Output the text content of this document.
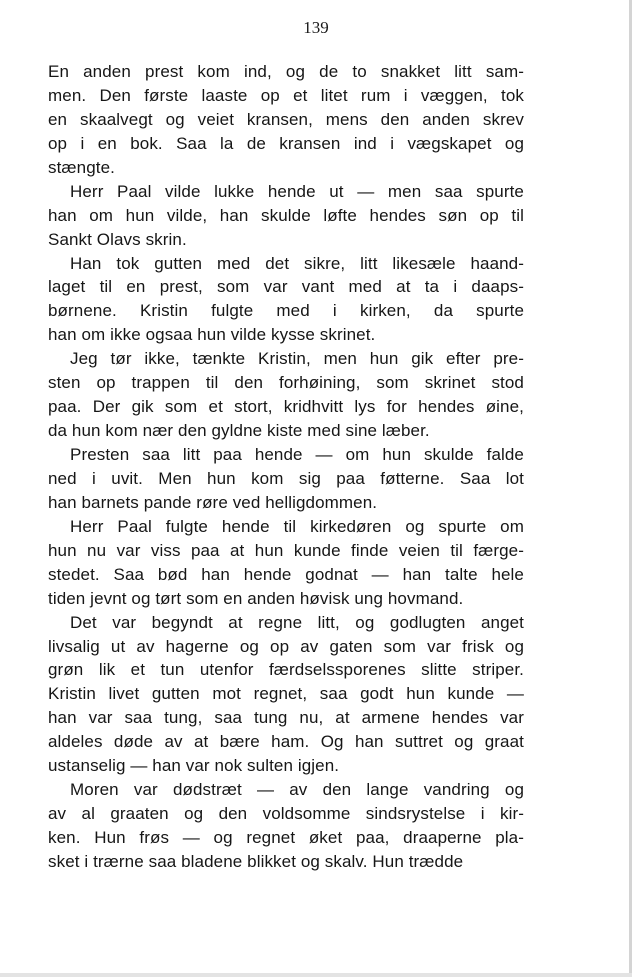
139

En anden prest kom ind, og de to snakket litt sam-
men. Den første laaste op et litet rum i væggen, tok
en skaalvegt og veiet kransen, mens den anden skrev
op i en bok. Saa la de kransen ind i vægskapet og
stængte.

Herr Paal vilde lukke hende ut — men saa spurte
han om hun vilde, han skulde løfte hendes søn op til
Sankt Olavs skrin.

Han tok gutten med det sikre, litt likesæle haand-
laget til en prest, som var vant med at ta i daaps-
børnene. Kristin fulgte med i kirken, da spurte
han om ikke ogsaa hun vilde kysse skrinet.

Jeg tør ikke, tænkte Kristin, men hun gik efter pre-
sten op trappen til den forhøining, som skrinet stod
paa. Der gik som et stort, kridhvitt lys for hendes øine,
da hun kom nær den gyldne kiste med sine læber.

Presten saa litt paa hende — om hun skulde falde
ned i uvit. Men hun kom sig paa føtterne. Saa lot
han barnets pande røre ved helligdommen.

Herr Paal fulgte hende til kirkedøren og spurte om
hun nu var viss paa at hun kunde finde veien til færge-
stedet. Saa bød han hende godnat — han talte hele
tiden jevnt og tørt som en anden høvisk ung hovmand.

Det var begyndt at regne litt, og godlugten anget
livsalig ut av hagerne og op av gaten som var frisk og
grøn lik et tun utenfor færdselssporenes slitte striper.
Kristin livet gutten mot regnet, saa godt hun kunde —
han var saa tung, saa tung nu, at armene hendes var
aldeles døde av at bære ham. Og han suttret og graat
ustanselig — han var nok sulten igjen.

Moren var dødstræt — av den lange vandring og
av al graaten og den voldsomme sindsrystelse i kir-
ken. Hun frøs — og regnet øket paa, draaperne pla-
sket i trærne saa bladene blikket og skalv. Hun trædde
